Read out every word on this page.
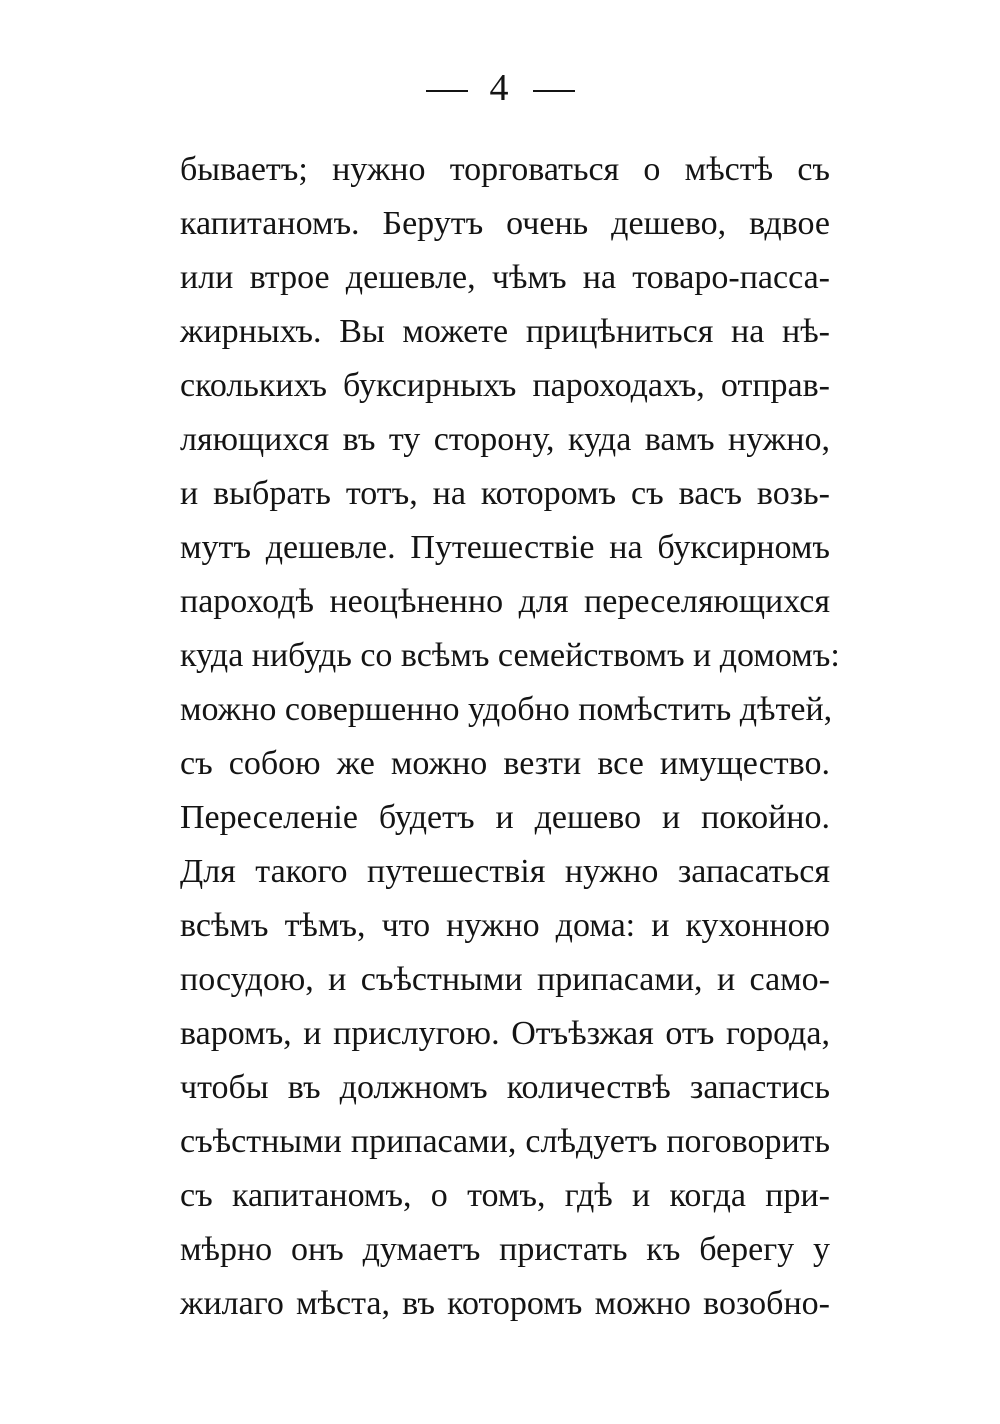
4
бываетъ; нужно торговаться о мѣстѣ съ
капитаномъ. Берутъ очень дешево, вдвое
или втрое дешевле, чѣмъ на товаро-пасса-
жирныхъ. Вы можете прицѣниться на нѣ-
сколькихъ буксирныхъ пароходахъ, отправ-
ляющихся въ ту сторону, куда вамъ нужно,
и выбрать тотъ, на которомъ съ васъ возь-
мутъ дешевле. Путешествіе на буксирномъ
пароходѣ неоцѣненно для переселяющихся
куда нибудь со всѣмъ семействомъ и домомъ:
можно совершенно удобно помѣстить дѣтей,
съ собою же можно везти все имущество.
Переселеніе будетъ и дешево и покойно.
Для такого путешествія нужно запасаться
всѣмъ тѣмъ, что нужно дома: и кухонною
посудою, и съѣстными припасами, и само-
варомъ, и прислугою. Отъѣзжая отъ города,
чтобы въ должномъ количествѣ запастись
съѣстными припасами, слѣдуетъ поговорить
съ капитаномъ, о томъ, гдѣ и когда при-
мѣрно онъ думаетъ пристать къ берегу у
жилаго мѣста, въ которомъ можно возобно-
